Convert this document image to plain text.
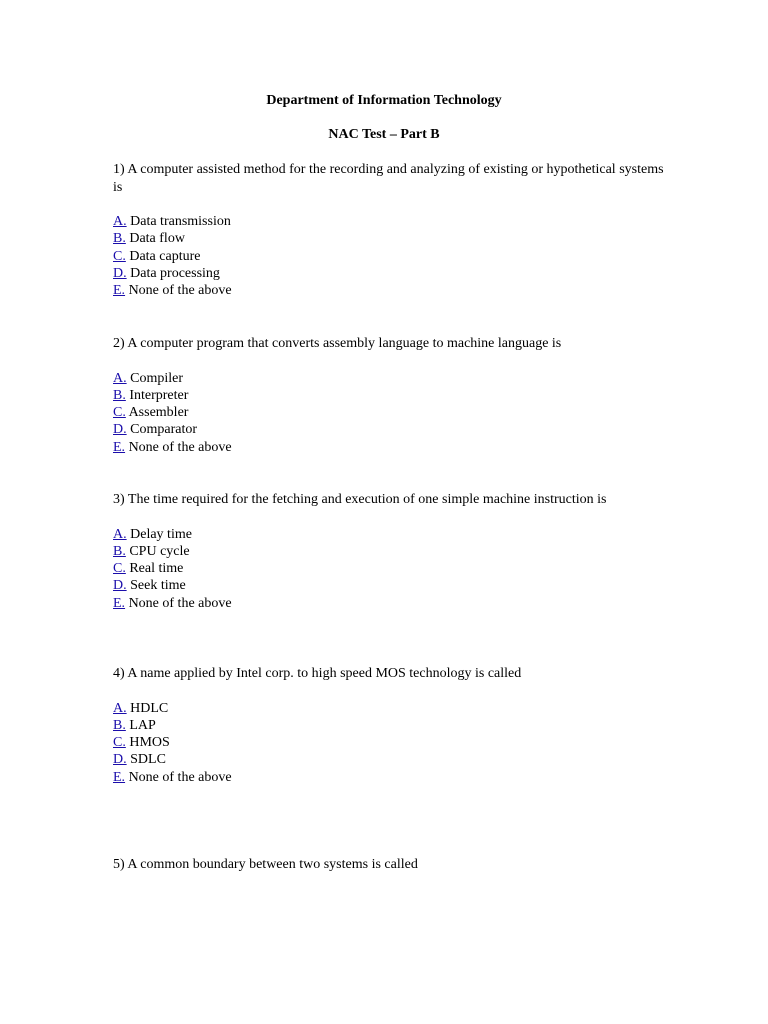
Department of Information Technology
NAC Test – Part B

1) A computer assisted method for the recording and analyzing of existing or hypothetical systems is

A. Data transmission
B. Data flow
C. Data capture
D. Data processing
E. None of the above

2) A computer program that converts assembly language to machine language is

A. Compiler
B. Interpreter
C. Assembler
D. Comparator
E. None of the above

3) The time required for the fetching and execution of one simple machine instruction is

A. Delay time
B. CPU cycle
C. Real time
D. Seek time
E. None of the above

4) A name applied by Intel corp. to high speed MOS technology is called

A. HDLC
B. LAP
C. HMOS
D. SDLC
E. None of the above

5) A common boundary between two systems is called
